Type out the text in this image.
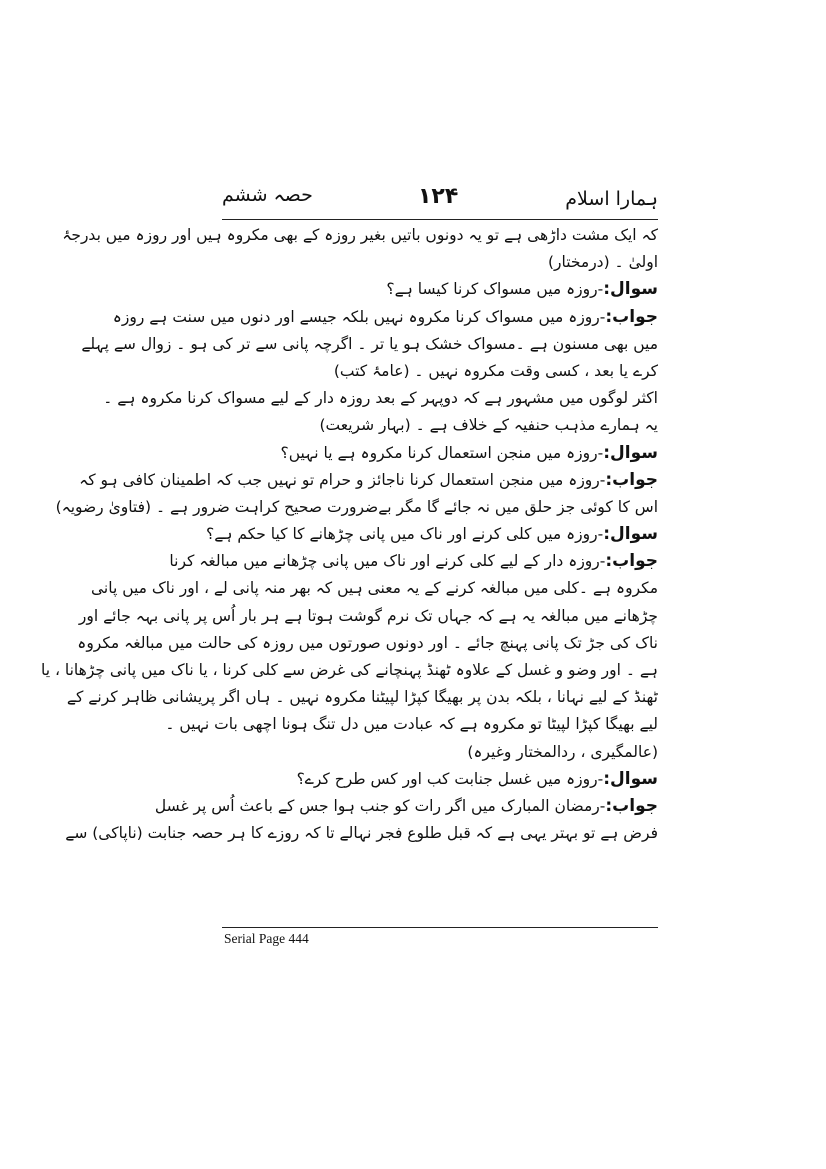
ہمارا اسلام
۱۲۴
حصہ ششم
کہ ایک مشت داڑھی ہے تو یہ دونوں باتیں بغیر روزہ کے بھی مکروہ ہیں اور روزہ میں بدرجۂ
اولیٰ ۔ (درمختار)
سوال:-روزہ میں مسواک کرنا کیسا ہے؟
جواب:-روزہ میں مسواک کرنا مکروہ نہیں بلکہ جیسے اور دنوں میں سنت ہے روزہ
میں بھی مسنون ہے ۔مسواک خشک ہو یا تر ۔ اگرچہ پانی سے تر کی ہو ۔ زوال سے پہلے
کرے یا بعد ، کسی وقت مکروہ نہیں ۔ (عامۂ کتب)
اکثر لوگوں میں مشہور ہے کہ دوپہر کے بعد روزہ دار کے لیے مسواک کرنا مکروہ ہے ۔
یہ ہمارے مذہب حنفیہ کے خلاف ہے ۔ (بہار شریعت)
سوال:-روزہ میں منجن استعمال کرنا مکروہ ہے یا نہیں؟
جواب:-روزہ میں منجن استعمال کرنا ناجائز و حرام تو نہیں جب کہ اطمینان کافی ہو کہ
اس کا کوئی جز حلق میں نہ جائے گا مگر بےضرورت صحیح کراہت ضرور ہے ۔ (فتاویٰ رضویہ)
سوال:-روزہ میں کلی کرنے اور ناک میں پانی چڑھانے کا کیا حکم ہے؟
جواب:-روزہ دار کے لیے کلی کرنے اور ناک میں پانی چڑھانے میں مبالغہ کرنا
مکروہ ہے ۔کلی میں مبالغہ کرنے کے یہ معنی ہیں کہ بھر منہ پانی لے ، اور ناک میں پانی
چڑھانے میں مبالغہ یہ ہے کہ جہاں تک نرم گوشت ہوتا ہے ہر بار اُس پر پانی بہہ جائے اور
ناک کی جڑ تک پانی پہنچ جائے ۔ اور دونوں صورتوں میں روزہ کی حالت میں مبالغہ مکروہ
ہے ۔ اور وضو و غسل کے علاوہ ٹھنڈ پہنچانے کی غرض سے کلی کرنا ، یا ناک میں پانی چڑھانا ، یا
ٹھنڈ کے لیے نہانا ، بلکہ بدن پر بھیگا کپڑا لپیٹنا مکروہ نہیں ۔ ہاں اگر پریشانی ظاہر کرنے کے
لیے بھیگا کپڑا لپیٹا تو مکروہ ہے کہ عبادت میں دل تنگ ہونا اچھی بات نہیں ۔
(عالمگیری ، ردالمختار وغیرہ)
سوال:-روزہ میں غسل جنابت کب اور کس طرح کرے؟
جواب:-رمضان المبارک میں اگر رات کو جنب ہوا جس کے باعث اُس پر غسل
فرض ہے تو بہتر یہی ہے کہ قبل طلوع فجر نہالے تا کہ روزے کا ہر حصہ جنابت (ناپاکی) سے
Serial Page 444
